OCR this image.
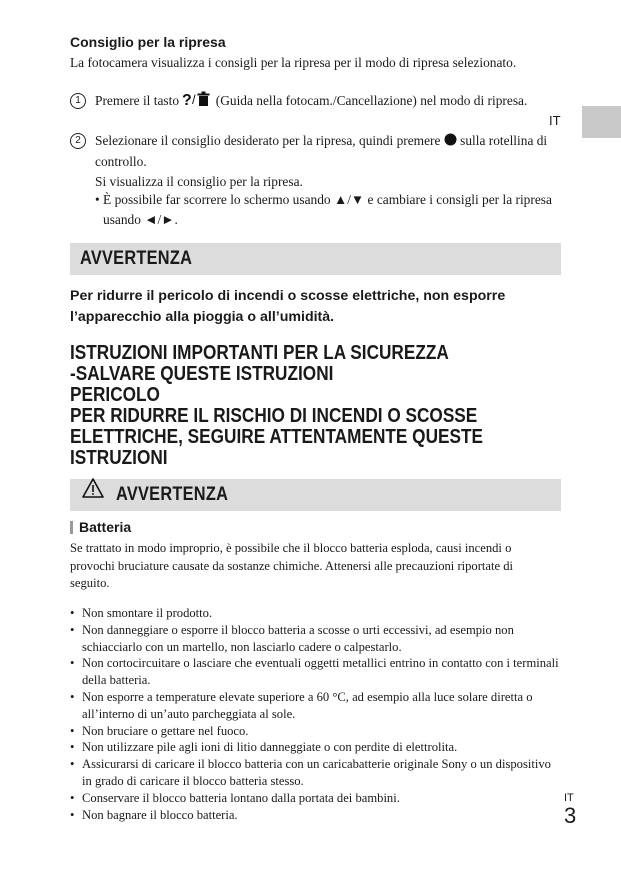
Consiglio per la ripresa
La fotocamera visualizza i consigli per la ripresa per il modo di ripresa selezionato.
1	Premere il tasto ? / (Guida nella fotocam./Cancellazione) nel modo di ripresa.
2	Selezionare il consiglio desiderato per la ripresa, quindi premere  sulla rotellina di controllo.
Si visualizza il consiglio per la ripresa.
• È possibile far scorrere lo schermo usando ▲/▼ e cambiare i consigli per la ripresa usando ◄/►.
IT
AVVERTENZA
Per ridurre il pericolo di incendi o scosse elettriche, non esporre l’apparecchio alla pioggia o all’umidità.
ISTRUZIONI IMPORTANTI PER LA SICUREZZA
-SALVARE QUESTE ISTRUZIONI
PERICOLO
PER RIDURRE IL RISCHIO DI INCENDI O SCOSSE
ELETTRICHE, SEGUIRE ATTENTAMENTE QUESTE
ISTRUZIONI
AVVERTENZA
Batteria
Se trattato in modo improprio, è possibile che il blocco batteria esploda, causi incendi o provochi bruciature causate da sostanze chimiche. Attenersi alle precauzioni riportate di seguito.
• Non smontare il prodotto.
• Non danneggiare o esporre il blocco batteria a scosse o urti eccessivi, ad esempio non schiacciarlo con un martello, non lasciarlo cadere o calpestarlo.
• Non cortocircuitare o lasciare che eventuali oggetti metallici entrino in contatto con i terminali della batteria.
• Non esporre a temperature elevate superiore a 60 °C, ad esempio alla luce solare diretta o all’interno di un’auto parcheggiata al sole.
• Non bruciare o gettare nel fuoco.
• Non utilizzare pile agli ioni di litio danneggiate o con perdite di elettrolita.
• Assicurarsi di caricare il blocco batteria con un caricabatterie originale Sony o un dispositivo in grado di caricare il blocco batteria stesso.
• Conservare il blocco batteria lontano dalla portata dei bambini.
• Non bagnare il blocco batteria.
IT
3
